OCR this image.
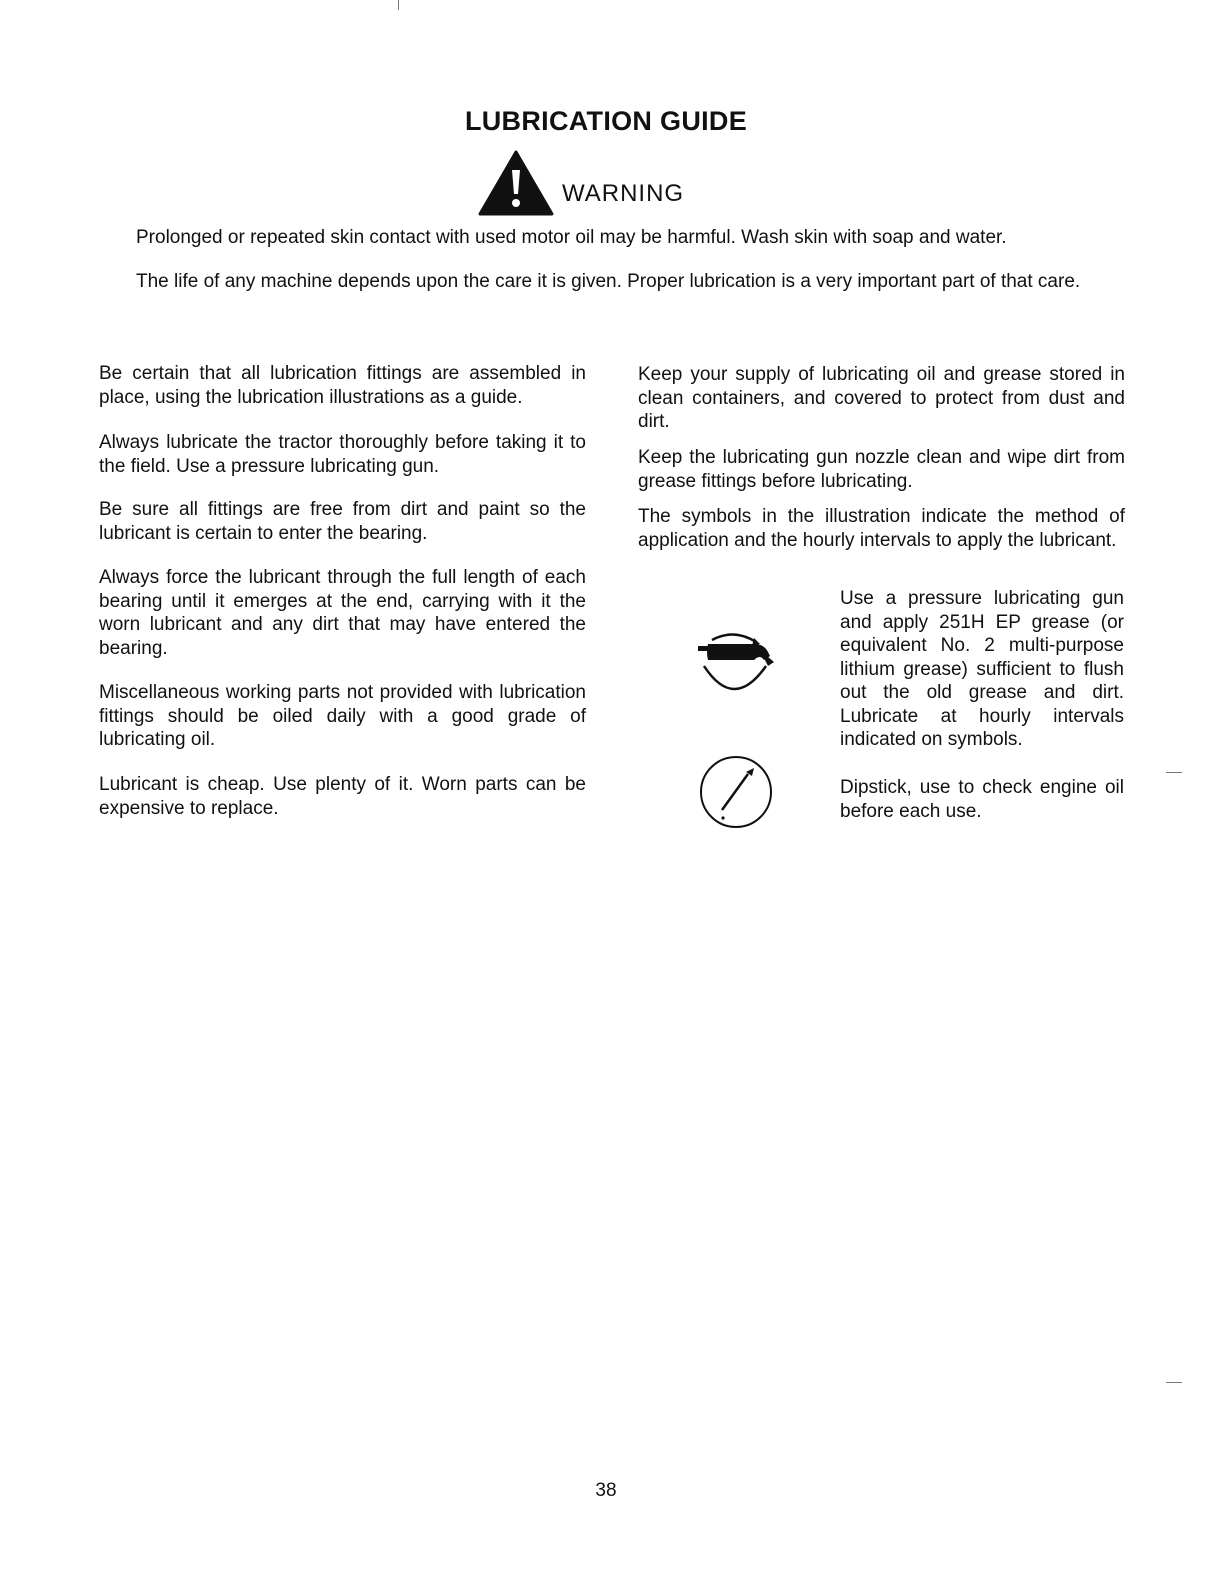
LUBRICATION GUIDE
WARNING

Prolonged or repeated skin contact with used motor oil may be harmful. Wash skin with soap and water.

The life of any machine depends upon the care it is given. Proper lubrication is a very important part of that care.

Be certain that all lubrication fittings are assembled in place, using the lubrication illustrations as a guide.

Always lubricate the tractor thoroughly before taking it to the field. Use a pressure lubricating gun.

Be sure all fittings are free from dirt and paint so the lubricant is certain to enter the bearing.

Always force the lubricant through the full length of each bearing until it emerges at the end, carrying with it the worn lubricant and any dirt that may have entered the bearing.

Miscellaneous working parts not provided with lubrication fittings should be oiled daily with a good grade of lubricating oil.

Lubricant is cheap. Use plenty of it. Worn parts can be expensive to replace.

Keep your supply of lubricating oil and grease stored in clean containers, and covered to protect from dust and dirt.

Keep the lubricating gun nozzle clean and wipe dirt from grease fittings before lubricating.

The symbols in the illustration indicate the method of application and the hourly intervals to apply the lubricant.

Use a pressure lubricating gun and apply 251H EP grease (or equivalent No. 2 multi-purpose lithium grease) sufficient to flush out the old grease and dirt. Lubricate at hourly intervals indicated on symbols.

Dipstick, use to check engine oil before each use.

38
